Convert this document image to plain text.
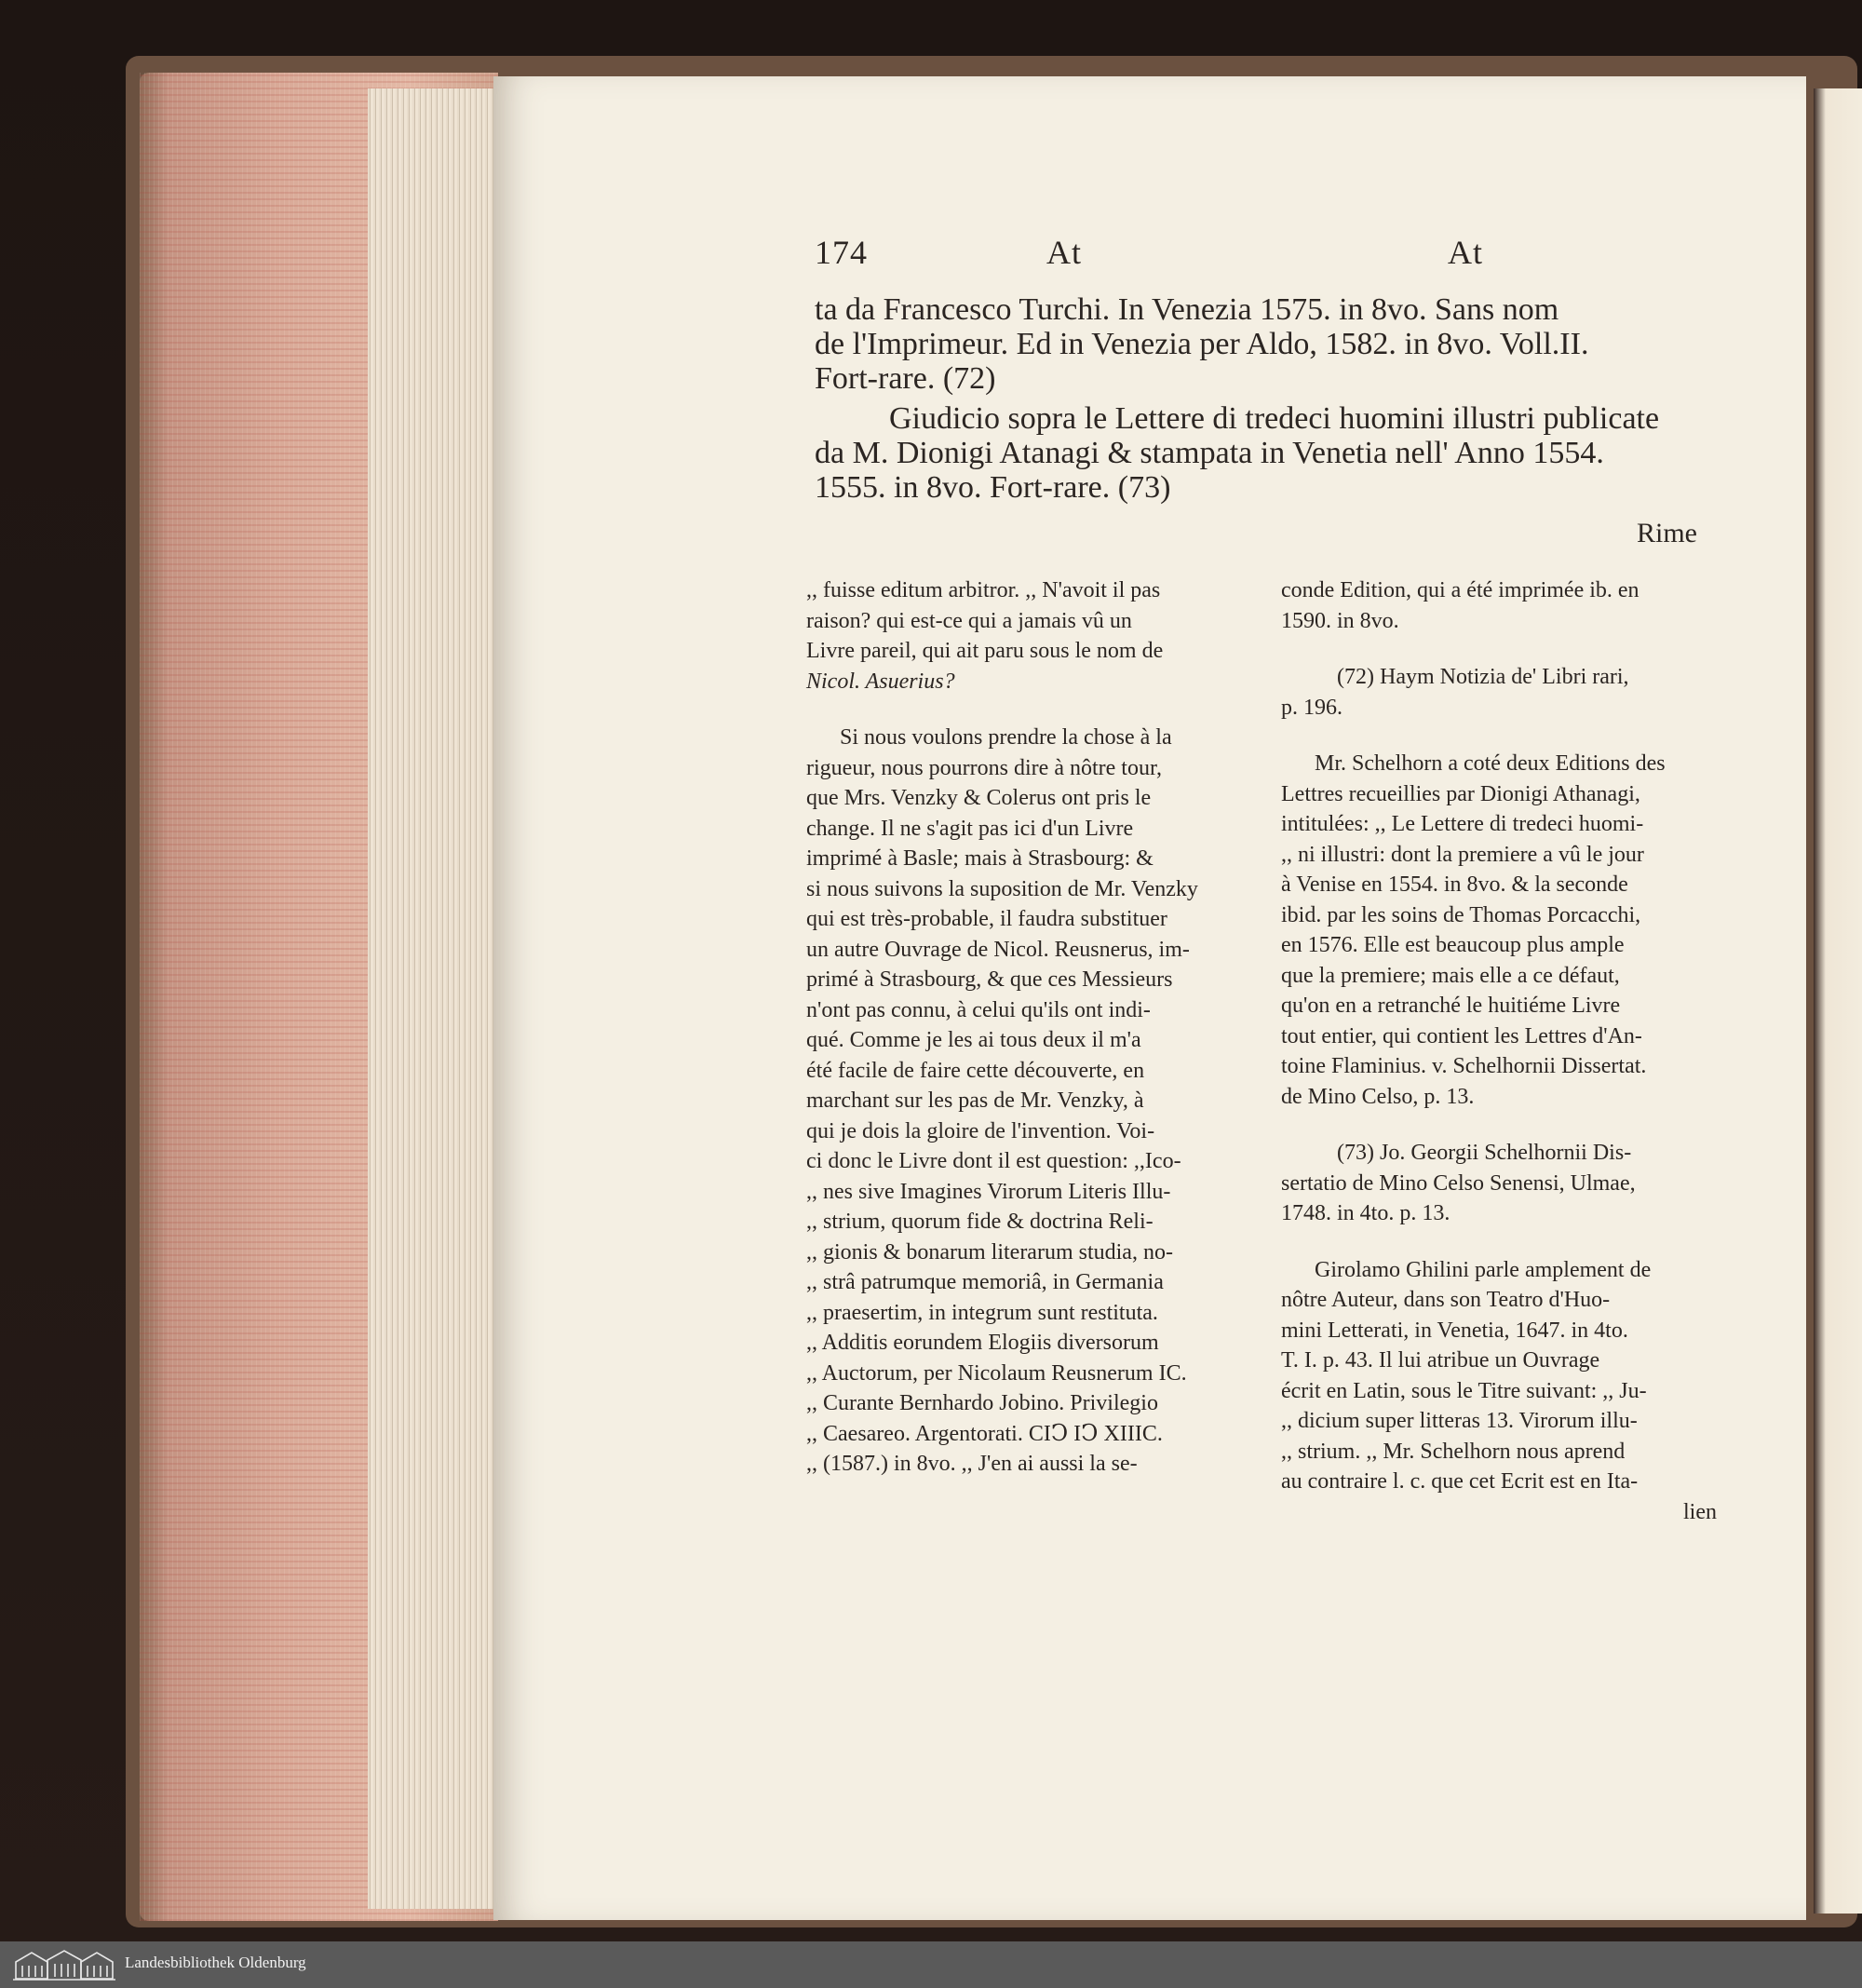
174	At	At
ta da Francesco Turchi. In Venezia 1575. in 8vo. Sans nom
de l'Imprimeur. Ed in Venezia per Aldo, 1582. in 8vo. Voll.II.
Fort-rare. (72)
Giudicio sopra le Lettere di tredeci huomini illustri publicate
da M. Dionigi Atanagi & stampata in Venetia nell' Anno 1554.
1555. in 8vo. Fort-rare. (73)
Rime
,, fuisse editum arbitror. ,, N'avoit il pas
raison? qui est-ce qui a jamais vû un
Livre pareil, qui ait paru sous le nom de
Nicol. Asuerius?
Si nous voulons prendre la chose à la
rigueur, nous pourrons dire à nôtre tour,
que Mrs. Venzky & Colerus ont pris le
change. Il ne s'agit pas ici d'un Livre
imprimé à Basle; mais à Strasbourg: &
si nous suivons la suposition de Mr. Venzky
qui est très-probable, il faudra substituer
un autre Ouvrage de Nicol. Reusnerus, im-
primé à Strasbourg, & que ces Messieurs
n'ont pas connu, à celui qu'ils ont indi-
qué. Comme je les ai tous deux il m'a
été facile de faire cette découverte, en
marchant sur les pas de Mr. Venzky, à
qui je dois la gloire de l'invention. Voi-
ci donc le Livre dont il est question: ,,Ico-
,, nes sive Imagines Virorum Literis Illu-
,, strium, quorum fide & doctrina Reli-
,, gionis & bonarum literarum studia, no-
,, strâ patrumque memoriâ, in Germania
,, praesertim, in integrum sunt restituta.
,, Additis eorundem Elogiis diversorum
,, Auctorum, per Nicolaum Reusnerum IC.
,, Curante Bernhardo Jobino. Privilegio
,, Caesareo. Argentorati. CIↃ IↃ XIIIC.
,, (1587.) in 8vo. ,, J'en ai aussi la se-
conde Edition, qui a été imprimée ib. en
1590. in 8vo.
(72) Haym Notizia de' Libri rari,
p. 196.
Mr. Schelhorn a coté deux Editions des
Lettres recueillies par Dionigi Athanagi,
intitulées: ,, Le Lettere di tredeci huomi-
,, ni illustri: dont la premiere a vû le jour
à Venise en 1554. in 8vo. & la seconde
ibid. par les soins de Thomas Porcacchi,
en 1576. Elle est beaucoup plus ample
que la premiere; mais elle a ce défaut,
qu'on en a retranché le huitiéme Livre
tout entier, qui contient les Lettres d'An-
toine Flaminius. v. Schelhornii Dissertat.
de Mino Celso, p. 13.
(73) Jo. Georgii Schelhornii Dis-
sertatio de Mino Celso Senensi, Ulmae,
1748. in 4to. p. 13.
Girolamo Ghilini parle amplement de
nôtre Auteur, dans son Teatro d'Huo-
mini Letterati, in Venetia, 1647. in 4to.
T. I. p. 43. Il lui atribue un Ouvrage
écrit en Latin, sous le Titre suivant: ,, Ju-
,, dicium super litteras 13. Virorum illu-
,, strium. ,, Mr. Schelhorn nous aprend
au contraire l. c. que cet Ecrit est en Ita-
lien
Landesbibliothek Oldenburg
